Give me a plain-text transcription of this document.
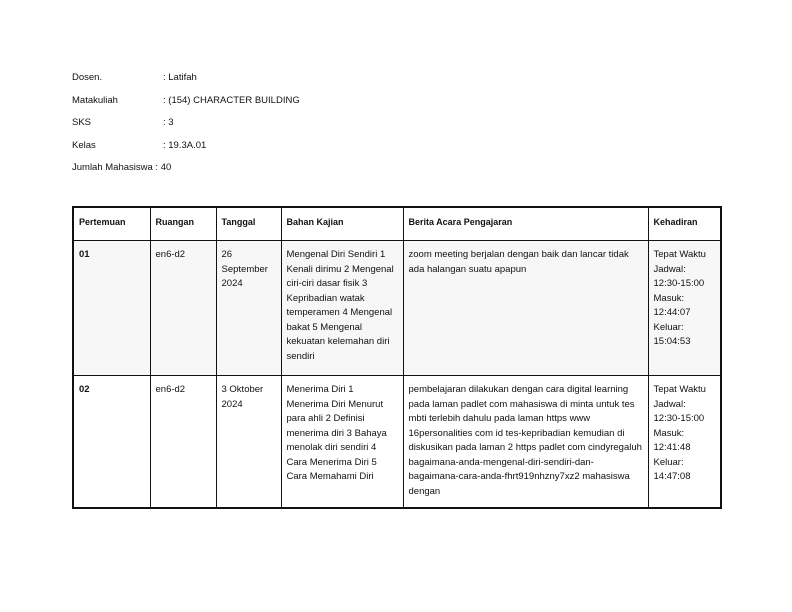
Dosen.	: Latifah
Matakuliah	: (154) CHARACTER BUILDING
SKS	: 3
Kelas	: 19.3A.01
Jumlah Mahasiswa : 40
Pertemuan	Ruangan	Tanggal	Bahan Kajian	Berita Acara Pengajaran	Kehadiran
01	en6-d2	26 September 2024	Mengenal Diri Sendiri 1 Kenali dirimu 2 Mengenal ciri-ciri dasar fisik 3 Kepribadian watak temperamen 4 Mengenal bakat 5 Mengenal kekuatan kelemahan diri sendiri	zoom meeting berjalan dengan baik dan lancar tidak ada halangan suatu apapun	Tepat Waktu Jadwal: 12:30-15:00 Masuk: 12:44:07 Keluar: 15:04:53
02	en6-d2	3 Oktober 2024	Menerima Diri 1 Menerima Diri Menurut para ahli 2 Definisi menerima diri 3 Bahaya menolak diri sendiri 4 Cara Menerima Diri 5 Cara Memahami Diri	pembelajaran dilakukan dengan cara digital learning pada laman padlet com mahasiswa di minta untuk tes mbti terlebih dahulu pada laman https www 16personalities com id tes-kepribadian kemudian di diskusikan pada laman 2 https padlet com cindyregaluh bagaimana-anda-mengenal-diri-sendiri-dan-bagaimana-cara-anda-fhrt919nhzny7xz2 mahasiswa dengan	Tepat Waktu Jadwal: 12:30-15:00 Masuk: 12:41:48 Keluar: 14:47:08
